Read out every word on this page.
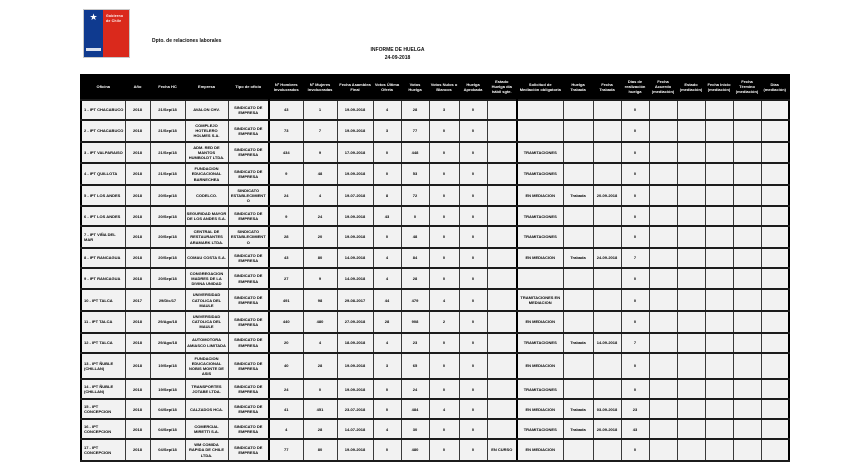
★	Gobierno
de Chile
Dpto. de relaciones laborales
INFORME DE HUELGA
24-09-2018
Oficina	Año	Fecha HC	Empresa	Tipo de oficio	Nº Hombres Involucrados	Nº Mujeres Involucradas	Fecha Asamblea Final	Votos Última Oferta	Votos Huelga	Votos Nulos o Blancos	Huelga Aprobada	Estado Huelga día hábil sgte.	Solicitud de Mediación obligatoria	Huelga Trabada	Fecha Trabada	Días de realización huelga	Fecha Acuerdo (mediación)	Estado (mediación)	Fecha Inicio (mediación)	Fecha Término (mediación)	Días (mediación)
1 - IPT CHACABUCO	2018	21/Sep/18	AVALON CHV.	SINDICATO DE EMPRESA	43	1	19-09-2018	4	28	3	0					0					
2 - IPT CHACABUCO	2018	21/Sep/18	COMPLEJO HOTELERO HOLMES S.A.	SINDICATO DE EMPRESA	73	7	19-09-2018	3	77	0	0					0					
3 - IPT VALPARAISO	2018	21/Sep/18	ADM. RED DE MANTOS HUMBOLDT LTDA.	SINDICATO DE EMPRESA	434	9	17-09-2018	0	448	0	0		TRAMITACIONES			0					
4 - IPT QUILLOTA	2018	21/Sep/18	FUNDACION EDUCACIONAL BARNECHEA	SINDICATO DE EMPRESA	9	48	19-09-2018	0	53	0	0		TRAMITACIONES			0					
5 - IPT LOS ANDES	2018	20/Sep/18	CODELCO.	SINDICATO ESTABLECIMIENTO	24	4	19-07-2018	8	72	0	0		EN MEDIACION	Trabada	20-09-2018	0					
6 - IPT LOS ANDES	2018	20/Sep/18	SEGURIDAD MAYOR DE LOS ANDES S.A.	SINDICATO DE EMPRESA	9	24	19-09-2018	43	0	0	0		TRAMITACIONES			0					
7 - IPT VIÑA DEL MAR	2018	20/Sep/18	CENTRAL DE RESTAURANTES ARAMARK LTDA.	SINDICATO ESTABLECIMIENTO	28	20	19-09-2018	0	48	0	0		TRAMITACIONES			0					
8 - IPT RANCAGUA	2018	20/Sep/18	COMAU COSTA S.A.	SINDICATO DE EMPRESA	43	80	14-09-2018	4	84	0	0		EN MEDIACION	Trabada	24-09-2018	7					
9 - IPT RANCAGUA	2018	20/Sep/18	CONGREGACION MADRES DE LA DIVINA UNIDAD	SINDICATO DE EMPRESA	27	9	14-09-2018	4	28	0	0					0					
10 - IPT TALCA	2017	29/Dic/17	UNIVERSIDAD CATOLICA DEL MAULE	SINDICATO DE EMPRESA	491	98	29-08-2017	44	479	4	0		TRAMITACIONES EN MEDIACION			0					
11 - IPT TALCA	2018	29/Ago/18	UNIVERSIDAD CATOLICA DEL MAULE	SINDICATO DE EMPRESA	440	480	27-09-2018	28	908	2	0		EN MEDIACION			0					
12 - IPT TALCA	2018	29/Ago/18	AUTOMOTORA AMIASCO LIMITADA	SINDICATO DE EMPRESA	20	4	18-09-2018	4	23	0	0		TRAMITACIONES	Trabada	14-09-2018	7					
13 - IPT ÑUBLE (CHILLAN)	2018	19/Sep/18	FUNDACION EDUCACIONAL NOBIS MONTE DE ASIS	SINDICATO DE EMPRESA	40	28	19-09-2018	3	65	0	0		EN MEDIACION			0					
14 - IPT ÑUBLE (CHILLAN)	2018	19/Sep/18	TRANSPORTES JOTABE LTDA.	SINDICATO DE EMPRESA	24	0	19-09-2018	0	24	0	0		TRAMITACIONES			0					
15 - IPT CONCEPCION	2018	04/Sep/18	CALZADOS HCA.	SINDICATO DE EMPRESA	41	451	23-07-2018	0	484	4	0		EN MEDIACION	Trabada	03-09-2018	23					
16 - IPT CONCEPCION	2018	04/Sep/18	COMERCIAL MIRETTI S.A.	SINDICATO DE EMPRESA	4	28	14-07-2018	4	30	0	0		TRAMITACIONES	Trabada	20-09-2018	43					
17 - IPT CONCEPCION	2018	04/Sep/18	WM COMIDA RAPIDA DE CHILE LTDA.	SINDICATO DE EMPRESA	77	80	19-09-2018	0	480	0	0	EN CURSO	EN MEDIACION			0					
